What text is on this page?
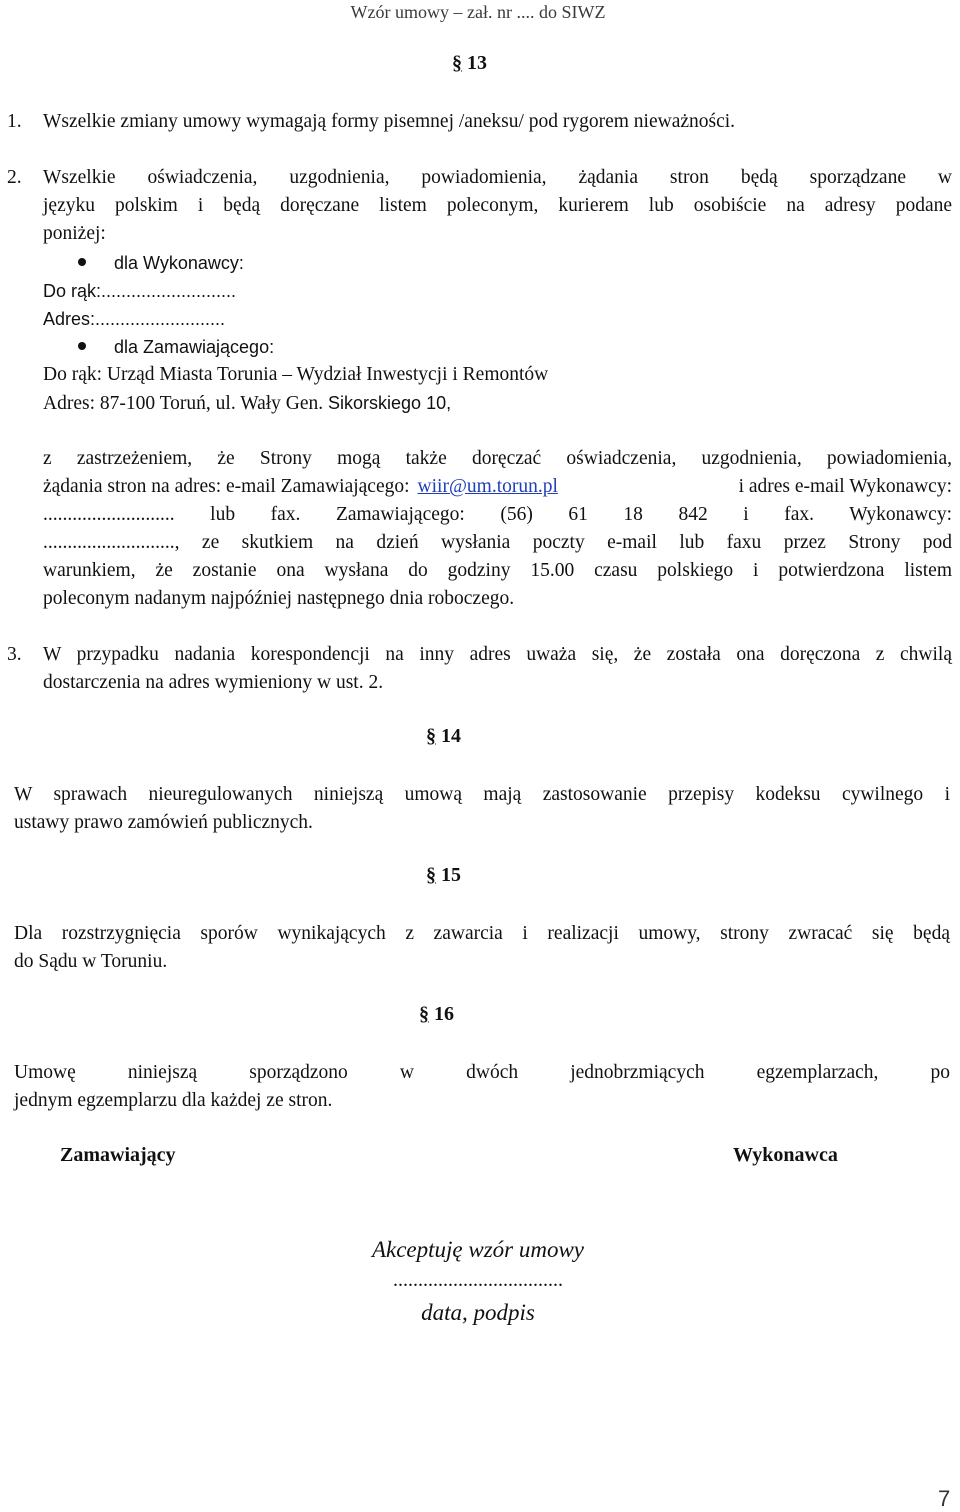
Wzór umowy – zał. nr .... do SIWZ
§ 13
1. Wszelkie zmiany umowy wymagają formy pisemnej /aneksu/ pod rygorem nieważności.
2. Wszelkie oświadczenia, uzgodnienia, powiadomienia, żądania stron będą sporządzane w
języku polskim i będą doręczane listem poleconym, kurierem lub osobiście na adresy podane
poniżej:
dla Wykonawcy:
Do rąk:...........................
Adres:..........................
dla Zamawiającego:
Do rąk: Urząd Miasta Torunia – Wydział Inwestycji i Remontów
Adres: 87-100 Toruń, ul. Wały Gen. Sikorskiego 10,
z zastrzeżeniem, że Strony mogą także doręczać oświadczenia, uzgodnienia, powiadomienia,
żądania stron na adres: e-mail Zamawiającego: wiir@um.torun.pl	i adres e-mail Wykonawcy:
........................... lub fax. Zamawiającego: (56) 61 18 842 i fax. Wykonawcy:
..........................., ze skutkiem na dzień wysłania poczty e-mail lub faxu przez Strony pod
warunkiem, że zostanie ona wysłana do godziny 15.00 czasu polskiego i potwierdzona listem
poleconym nadanym najpóźniej następnego dnia roboczego.
3. W przypadku nadania korespondencji na inny adres uważa się, że została ona doręczona z chwilą
dostarczenia na adres wymieniony w ust. 2.
§ 14
W sprawach nieuregulowanych niniejszą umową mają zastosowanie przepisy kodeksu cywilnego i
ustawy prawo zamówień publicznych.
§ 15
Dla rozstrzygnięcia sporów wynikających z zawarcia i realizacji umowy, strony zwracać się będą
do Sądu w Toruniu.
§ 16
Umowę niniejszą sporządzono w dwóch jednobrzmiących egzemplarzach, po
jednym egzemplarzu dla każdej ze stron.
Zamawiający	Wykonawca
Akceptuję wzór umowy
..................................
data, podpis
7
